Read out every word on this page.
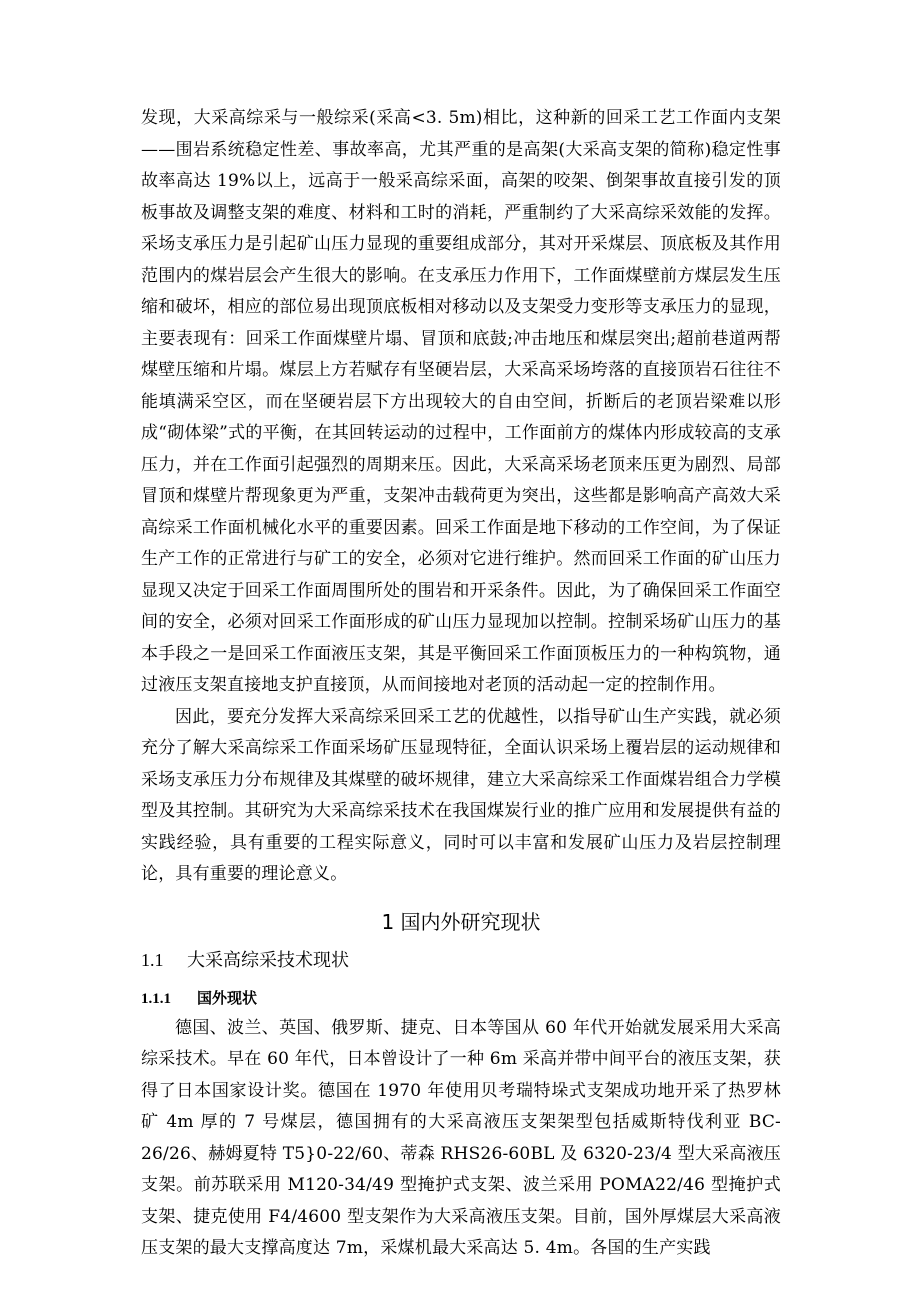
发现，大采高综采与一般综采(采高<3. 5m)相比，这种新的回采工艺工作面内支架——围岩系统稳定性差、事故率高，尤其严重的是高架(大采高支架的简称)稳定性事故率高达 19%以上，远高于一般采高综采面，高架的咬架、倒架事故直接引发的顶板事故及调整支架的难度、材料和工时的消耗，严重制约了大采高综采效能的发挥。采场支承压力是引起矿山压力显现的重要组成部分，其对开采煤层、顶底板及其作用范围内的煤岩层会产生很大的影响。在支承压力作用下，工作面煤壁前方煤层发生压缩和破坏，相应的部位易出现顶底板相对移动以及支架受力变形等支承压力的显现，主要表现有：回采工作面煤壁片塌、冒顶和底鼓;冲击地压和煤层突出;超前巷道两帮煤壁压缩和片塌。煤层上方若赋存有坚硬岩层，大采高采场垮落的直接顶岩石往往不能填满采空区，而在坚硬岩层下方出现较大的自由空间，折断后的老顶岩梁难以形成“砌体梁”式的平衡，在其回转运动的过程中，工作面前方的煤体内形成较高的支承压力，并在工作面引起强烈的周期来压。因此，大采高采场老顶来压更为剧烈、局部冒顶和煤壁片帮现象更为严重，支架冲击载荷更为突出，这些都是影响高产高效大采高综采工作面机械化水平的重要因素。回采工作面是地下移动的工作空间，为了保证生产工作的正常进行与矿工的安全，必须对它进行维护。然而回采工作面的矿山压力显现又决定于回采工作面周围所处的围岩和开采条件。因此，为了确保回采工作面空间的安全，必须对回采工作面形成的矿山压力显现加以控制。控制采场矿山压力的基本手段之一是回采工作面液压支架，其是平衡回采工作面顶板压力的一种构筑物，通过液压支架直接地支护直接顶，从而间接地对老顶的活动起一定的控制作用。

因此，要充分发挥大采高综采回采工艺的优越性，以指导矿山生产实践，就必须充分了解大采高综采工作面采场矿压显现特征，全面认识采场上覆岩层的运动规律和采场支承压力分布规律及其煤壁的破坏规律，建立大采高综采工作面煤岩组合力学模型及其控制。其研究为大采高综采技术在我国煤炭行业的推广应用和发展提供有益的实践经验，具有重要的工程实际意义，同时可以丰富和发展矿山压力及岩层控制理论，具有重要的理论意义。

1 国内外研究现状
1.1 大采高综采技术现状
1.1.1 国外现状

德国、波兰、英国、俄罗斯、捷克、日本等国从 60 年代开始就发展采用大采高综采技术。早在 60 年代，日本曾设计了一种 6m 采高并带中间平台的液压支架，获得了日本国家设计奖。德国在 1970 年使用贝考瑞特垛式支架成功地开采了热罗林矿 4m 厚的 7 号煤层，德国拥有的大采高液压支架架型包括威斯特伐利亚 BC-26/26、赫姆夏特 T5}0-22/60、蒂森 RHS26-60BL 及 6320-23/4 型大采高液压支架。前苏联采用 M120-34/49 型掩护式支架、波兰采用 POMA22/46 型掩护式支架、捷克使用 F4/4600 型支架作为大采高液压支架。目前，国外厚煤层大采高液压支架的最大支撑高度达 7m，采煤机最大采高达 5. 4m。各国的生产实践
